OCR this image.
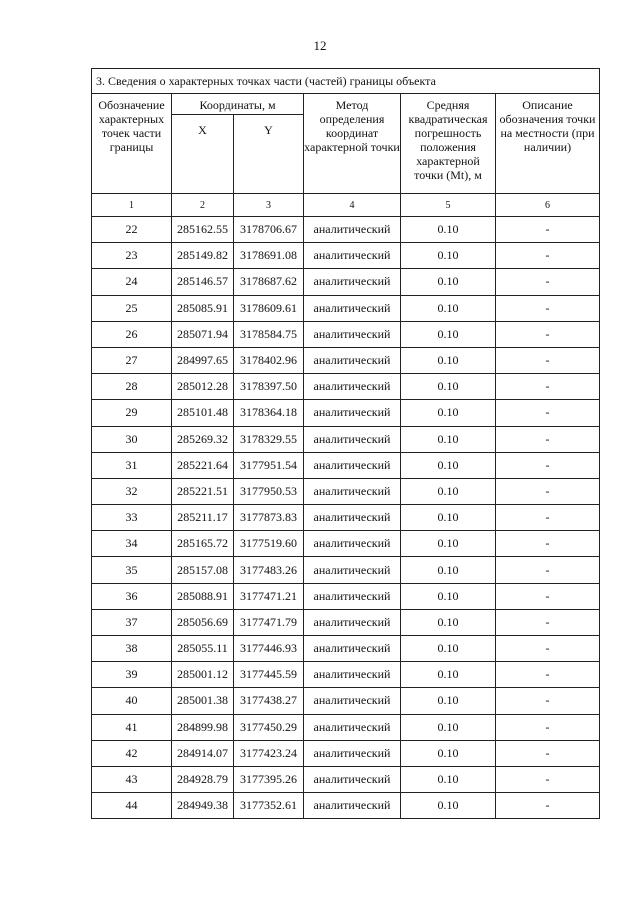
12
3. Сведения о характерных точках части (частей) границы объекта					
Обозначение характерных точек части границы	Координаты, м		Метод определения координат характерной точки	Средняя квадратическая погрешность положения характерной точки (Mt), м	Описание обозначения точки на местности (при наличии)
	X	Y			
1	2	3	4	5	6
22	285162.55	3178706.67	аналитический	0.10	-
23	285149.82	3178691.08	аналитический	0.10	-
24	285146.57	3178687.62	аналитический	0.10	-
25	285085.91	3178609.61	аналитический	0.10	-
26	285071.94	3178584.75	аналитический	0.10	-
27	284997.65	3178402.96	аналитический	0.10	-
28	285012.28	3178397.50	аналитический	0.10	-
29	285101.48	3178364.18	аналитический	0.10	-
30	285269.32	3178329.55	аналитический	0.10	-
31	285221.64	3177951.54	аналитический	0.10	-
32	285221.51	3177950.53	аналитический	0.10	-
33	285211.17	3177873.83	аналитический	0.10	-
34	285165.72	3177519.60	аналитический	0.10	-
35	285157.08	3177483.26	аналитический	0.10	-
36	285088.91	3177471.21	аналитический	0.10	-
37	285056.69	3177471.79	аналитический	0.10	-
38	285055.11	3177446.93	аналитический	0.10	-
39	285001.12	3177445.59	аналитический	0.10	-
40	285001.38	3177438.27	аналитический	0.10	-
41	284899.98	3177450.29	аналитический	0.10	-
42	284914.07	3177423.24	аналитический	0.10	-
43	284928.79	3177395.26	аналитический	0.10	-
44	284949.38	3177352.61	аналитический	0.10	-
